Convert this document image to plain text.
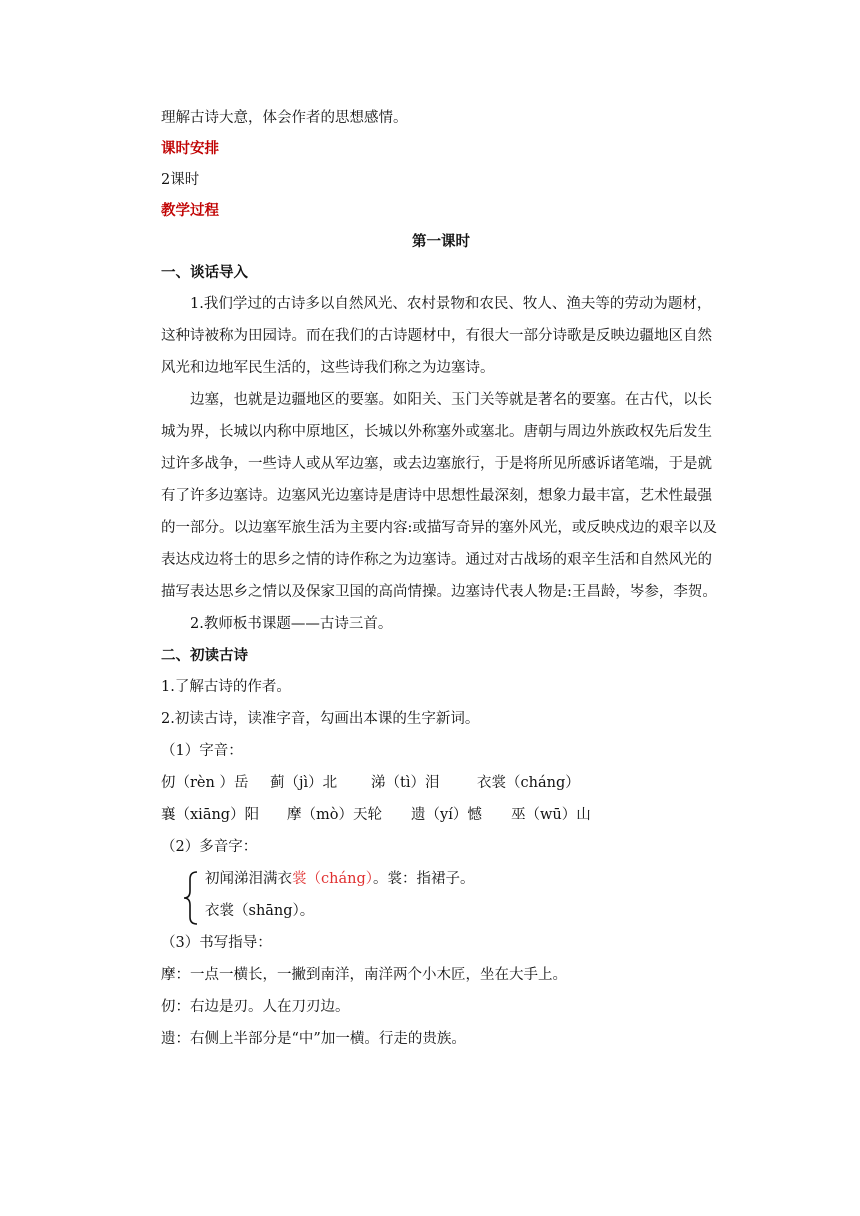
理解古诗大意，体会作者的思想感情。
课时安排
2课时
教学过程
第一课时
一、谈话导入

1.我们学过的古诗多以自然风光、农村景物和农民、牧人、渔夫等的劳动为题材，这种诗被称为田园诗。而在我们的古诗题材中，有很大一部分诗歌是反映边疆地区自然风光和边地军民生活的，这些诗我们称之为边塞诗。

边塞，也就是边疆地区的要塞。如阳关、玉门关等就是著名的要塞。在古代，以长城为界，长城以内称中原地区，长城以外称塞外或塞北。唐朝与周边外族政权先后发生过许多战争，一些诗人或从军边塞，或去边塞旅行，于是将所见所感诉诸笔端，于是就有了许多边塞诗。边塞风光边塞诗是唐诗中思想性最深刻，想象力最丰富，艺术性最强的一部分。以边塞军旅生活为主要内容:或描写奇异的塞外风光，或反映戍边的艰辛以及表达戍边将士的思乡之情的诗作称之为边塞诗。通过对古战场的艰辛生活和自然风光的描写表达思乡之情以及保家卫国的高尚情操。边塞诗代表人物是:王昌龄，岑参，李贺。

2.教师板书课题——古诗三首。

二、初读古诗
1.了解古诗的作者。
2.初读古诗，读准字音，勾画出本课的生字新词。
（1）字音：
仞（rèn ）岳	蓟（jì）北	涕（tì）泪	衣裳（cháng）
襄（xiāng）阳	摩（mò）天轮	遗（yí）憾	巫（wū）山
（2）多音字：
初闻涕泪满衣裳（cháng）。裳：指裙子。
衣裳（shāng）。
（3）书写指导：
摩：一点一横长，一撇到南洋，南洋两个小木匠，坐在大手上。
仞：右边是刃。人在刀刃边。
遗：右侧上半部分是“中”加一横。行走的贵族。
